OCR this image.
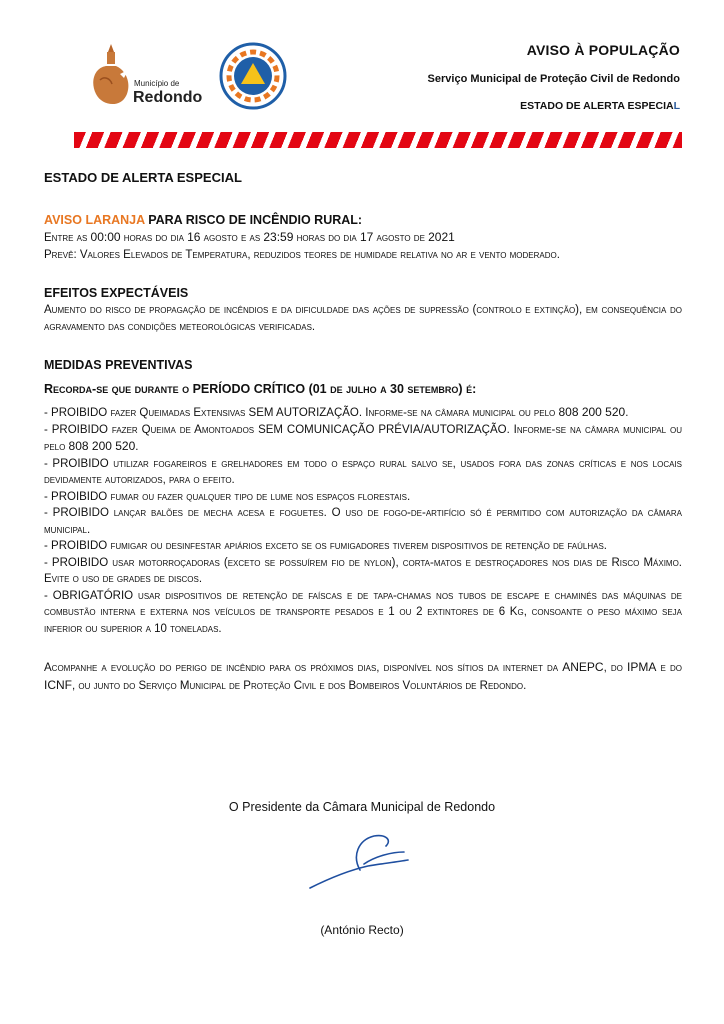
Município de
Redondo
AVISO À POPULAÇÃO
Serviço Municipal de Proteção Civil de Redondo
ESTADO DE ALERTA ESPECIAL

ESTADO DE ALERTA ESPECIAL

AVISO LARANJA PARA RISCO DE INCÊNDIO RURAL:

Entre as 00:00 horas do dia 16 agosto e as 23:59 horas do dia 17 agosto de 2021

Prevê: Valores Elevados de Temperatura, reduzidos teores de humidade relativa no ar e vento moderado.

EFEITOS EXPECTÁVEIS

Aumento do risco de propagação de incêndios e da dificuldade das ações de supressão (controlo e extinção), em consequência do agravamento das condições meteorológicas verificadas.

MEDIDAS PREVENTIVAS

Recorda-se que durante o PERÍODO CRÍTICO (01 de julho a 30 setembro) é:

- PROIBIDO fazer Queimadas Extensivas SEM AUTORIZAÇÃO. Informe-se na câmara municipal ou pelo 808 200 520.

- PROIBIDO fazer Queima de Amontoados SEM COMUNICAÇÃO PRÉVIA/AUTORIZAÇÃO. Informe-se na câmara municipal ou pelo 808 200 520.

- PROIBIDO utilizar fogareiros e grelhadores em todo o espaço rural salvo se, usados fora das zonas críticas e nos locais devidamente autorizados, para o efeito.

- PROIBIDO fumar ou fazer qualquer tipo de lume nos espaços florestais.

- PROIBIDO lançar balões de mecha acesa e foguetes. O uso de fogo-de-artifício só é permitido com autorização da câmara municipal.

- PROIBIDO fumigar ou desinfestar apiários exceto se os fumigadores tiverem dispositivos de retenção de faúlhas.

- PROIBIDO usar motorroçadoras (exceto se possuírem fio de nylon), corta-matos e destroçadores nos dias de Risco Máximo. Evite o uso de grades de discos.

- OBRIGATÓRIO usar dispositivos de retenção de faíscas e de tapa-chamas nos tubos de escape e chaminés das máquinas de combustão interna e externa nos veículos de transporte pesados e 1 ou 2 extintores de 6 Kg, consoante o peso máximo seja inferior ou superior a 10 toneladas.

Acompanhe a evolução do perigo de incêndio para os próximos dias, disponível nos sítios da internet da ANEPC, do IPMA e do ICNF, ou junto do Serviço Municipal de Proteção Civil e dos Bombeiros Voluntários de Redondo.

O Presidente da Câmara Municipal de Redondo
(António Recto)
